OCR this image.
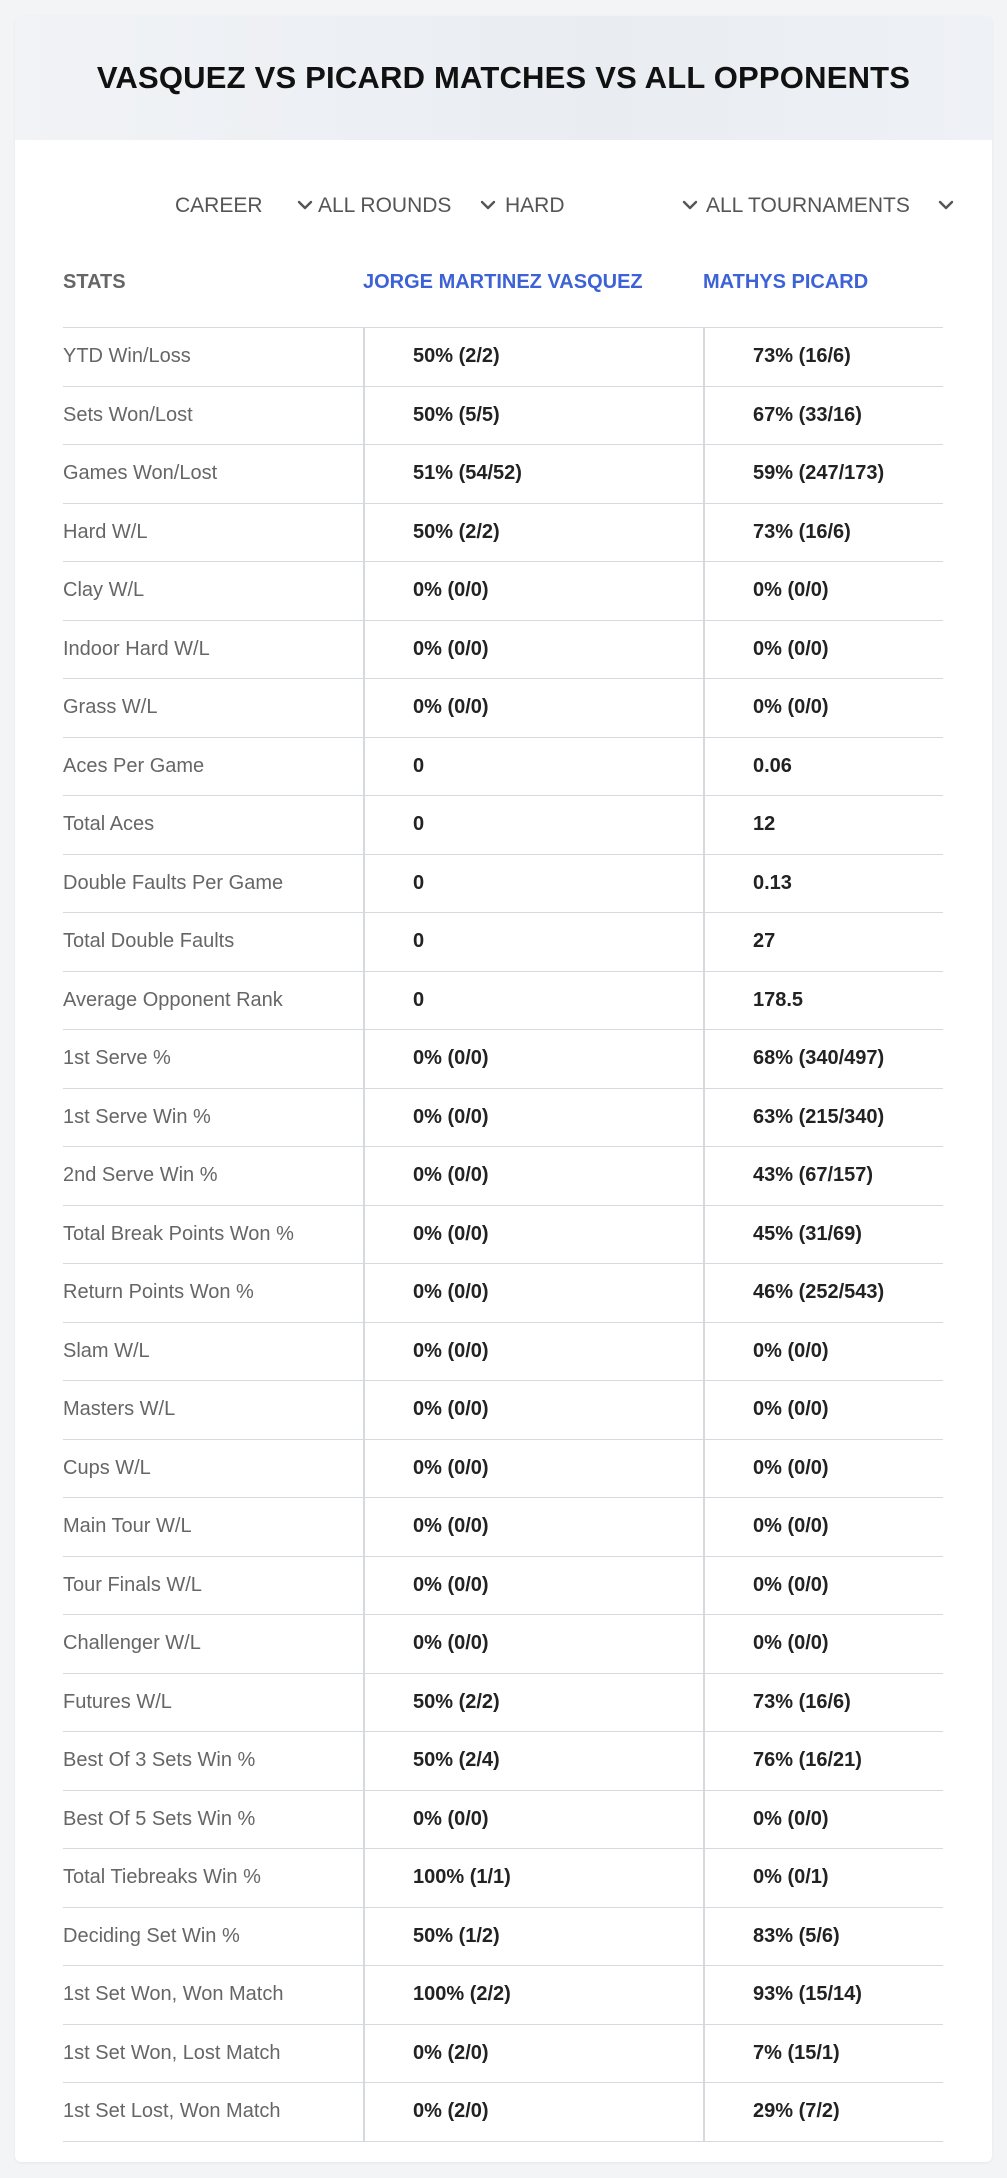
VASQUEZ VS PICARD MATCHES VS ALL OPPONENTS
CAREER	ALL ROUNDS	HARD	ALL TOURNAMENTS
STATS	JORGE MARTINEZ VASQUEZ	MATHYS PICARD
YTD Win/Loss	50% (2/2)	73% (16/6)
Sets Won/Lost	50% (5/5)	67% (33/16)
Games Won/Lost	51% (54/52)	59% (247/173)
Hard W/L	50% (2/2)	73% (16/6)
Clay W/L	0% (0/0)	0% (0/0)
Indoor Hard W/L	0% (0/0)	0% (0/0)
Grass W/L	0% (0/0)	0% (0/0)
Aces Per Game	0	0.06
Total Aces	0	12
Double Faults Per Game	0	0.13
Total Double Faults	0	27
Average Opponent Rank	0	178.5
1st Serve %	0% (0/0)	68% (340/497)
1st Serve Win %	0% (0/0)	63% (215/340)
2nd Serve Win %	0% (0/0)	43% (67/157)
Total Break Points Won %	0% (0/0)	45% (31/69)
Return Points Won %	0% (0/0)	46% (252/543)
Slam W/L	0% (0/0)	0% (0/0)
Masters W/L	0% (0/0)	0% (0/0)
Cups W/L	0% (0/0)	0% (0/0)
Main Tour W/L	0% (0/0)	0% (0/0)
Tour Finals W/L	0% (0/0)	0% (0/0)
Challenger W/L	0% (0/0)	0% (0/0)
Futures W/L	50% (2/2)	73% (16/6)
Best Of 3 Sets Win %	50% (2/4)	76% (16/21)
Best Of 5 Sets Win %	0% (0/0)	0% (0/0)
Total Tiebreaks Win %	100% (1/1)	0% (0/1)
Deciding Set Win %	50% (1/2)	83% (5/6)
1st Set Won, Won Match	100% (2/2)	93% (15/14)
1st Set Won, Lost Match	0% (2/0)	7% (15/1)
1st Set Lost, Won Match	0% (2/0)	29% (7/2)
